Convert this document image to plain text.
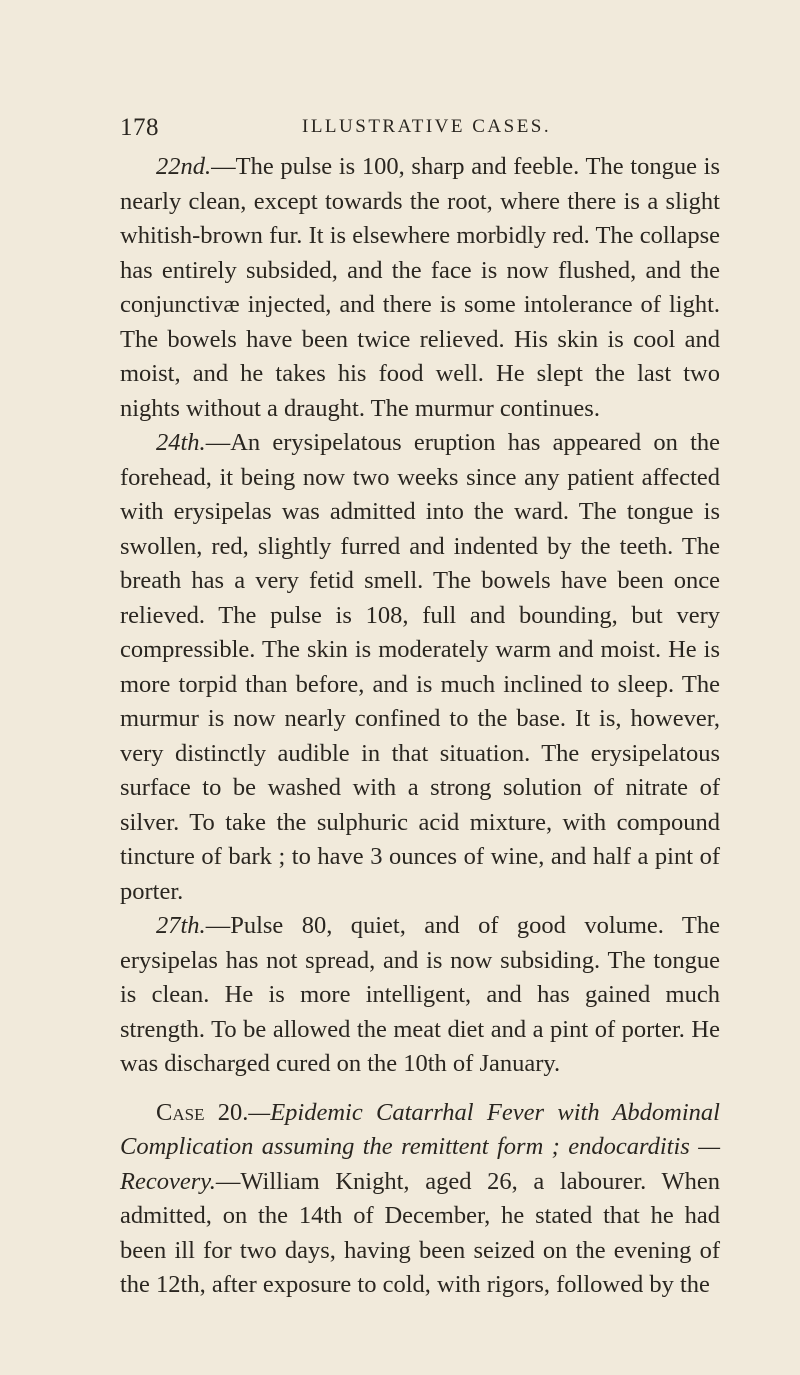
178	ILLUSTRATIVE CASES.

22nd.—The pulse is 100, sharp and feeble. The tongue is nearly clean, except towards the root, where there is a slight whitish-brown fur. It is elsewhere morbidly red. The collapse has entirely subsided, and the face is now flushed, and the conjunctivæ injected, and there is some intolerance of light. The bowels have been twice relieved. His skin is cool and moist, and he takes his food well. He slept the last two nights without a draught. The murmur continues.

24th.—An erysipelatous eruption has appeared on the forehead, it being now two weeks since any patient affected with erysipelas was admitted into the ward. The tongue is swollen, red, slightly furred and indented by the teeth. The breath has a very fetid smell. The bowels have been once relieved. The pulse is 108, full and bounding, but very compressible. The skin is moderately warm and moist. He is more torpid than before, and is much inclined to sleep. The murmur is now nearly confined to the base. It is, however, very distinctly audible in that situation. The erysipelatous surface to be washed with a strong solution of nitrate of silver. To take the sulphuric acid mixture, with compound tincture of bark ; to have 3 ounces of wine, and half a pint of porter.

27th.—Pulse 80, quiet, and of good volume. The erysipelas has not spread, and is now subsiding. The tongue is clean. He is more intelligent, and has gained much strength. To be allowed the meat diet and a pint of porter. He was discharged cured on the 10th of January.

Case 20.—Epidemic Catarrhal Fever with Abdominal Complication assuming the remittent form ; endocarditis —Recovery.—William Knight, aged 26, a labourer. When admitted, on the 14th of December, he stated that he had been ill for two days, having been seized on the evening of the 12th, after exposure to cold, with rigors, followed by the
